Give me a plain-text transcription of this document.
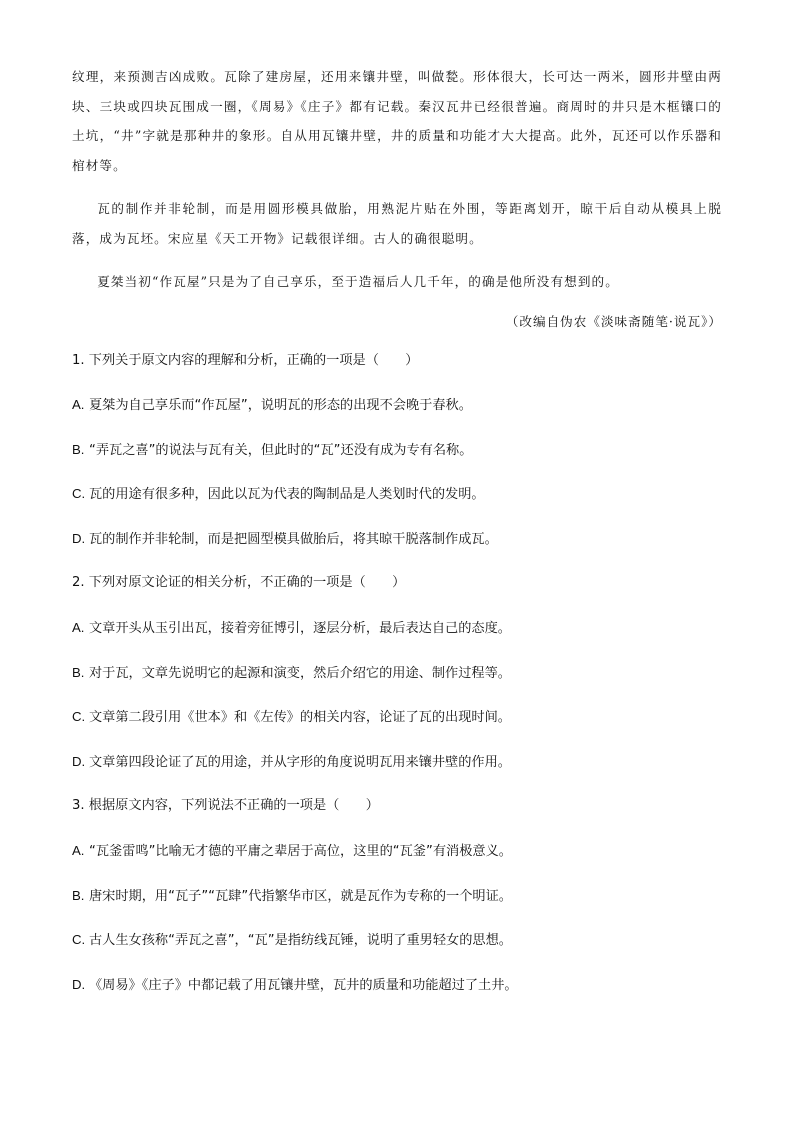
纹理，来预测吉凶成败。瓦除了建房屋，还用来镶井壁，叫做甃。形体很大，长可达一两米，圆形井壁由两块、三块或四块瓦围成一圈，《周易》《庄子》都有记载。秦汉瓦井已经很普遍。商周时的井只是木框镶口的土坑，“井”字就是那种井的象形。自从用瓦镶井壁，井的质量和功能才大大提高。此外，瓦还可以作乐器和棺材等。

瓦的制作并非轮制，而是用圆形模具做胎，用熟泥片贴在外围，等距离划开，晾干后自动从模具上脱落，成为瓦坯。宋应星《天工开物》记载很详细。古人的确很聪明。

夏桀当初“作瓦屋”只是为了自己享乐，至于造福后人几千年，的确是他所没有想到的。

（改编自伪农《淡味斋随笔·说瓦》）
1. 下列关于原文内容的理解和分析，正确的一项是（　　）
A. 夏桀为自己享乐而“作瓦屋”，说明瓦的形态的出现不会晚于春秋。
B. “弄瓦之喜”的说法与瓦有关，但此时的“瓦”还没有成为专有名称。
C. 瓦的用途有很多种，因此以瓦为代表的陶制品是人类划时代的发明。
D. 瓦的制作并非轮制，而是把圆型模具做胎后，将其晾干脱落制作成瓦。
2. 下列对原文论证的相关分析，不正确的一项是（　　）
A. 文章开头从玉引出瓦，接着旁征博引，逐层分析，最后表达自己的态度。
B. 对于瓦，文章先说明它的起源和演变，然后介绍它的用途、制作过程等。
C. 文章第二段引用《世本》和《左传》的相关内容，论证了瓦的出现时间。
D. 文章第四段论证了瓦的用途，并从字形的角度说明瓦用来镶井壁的作用。
3. 根据原文内容，下列说法不正确的一项是（　　）
A. “瓦釜雷鸣”比喻无才德的平庸之辈居于高位，这里的“瓦釜”有消极意义。
B. 唐宋时期，用“瓦子”“瓦肆”代指繁华市区，就是瓦作为专称的一个明证。
C. 古人生女孩称“弄瓦之喜”，“瓦”是指纺线瓦锤，说明了重男轻女的思想。
D. 《周易》《庄子》中都记载了用瓦镶井壁，瓦井的质量和功能超过了土井。
